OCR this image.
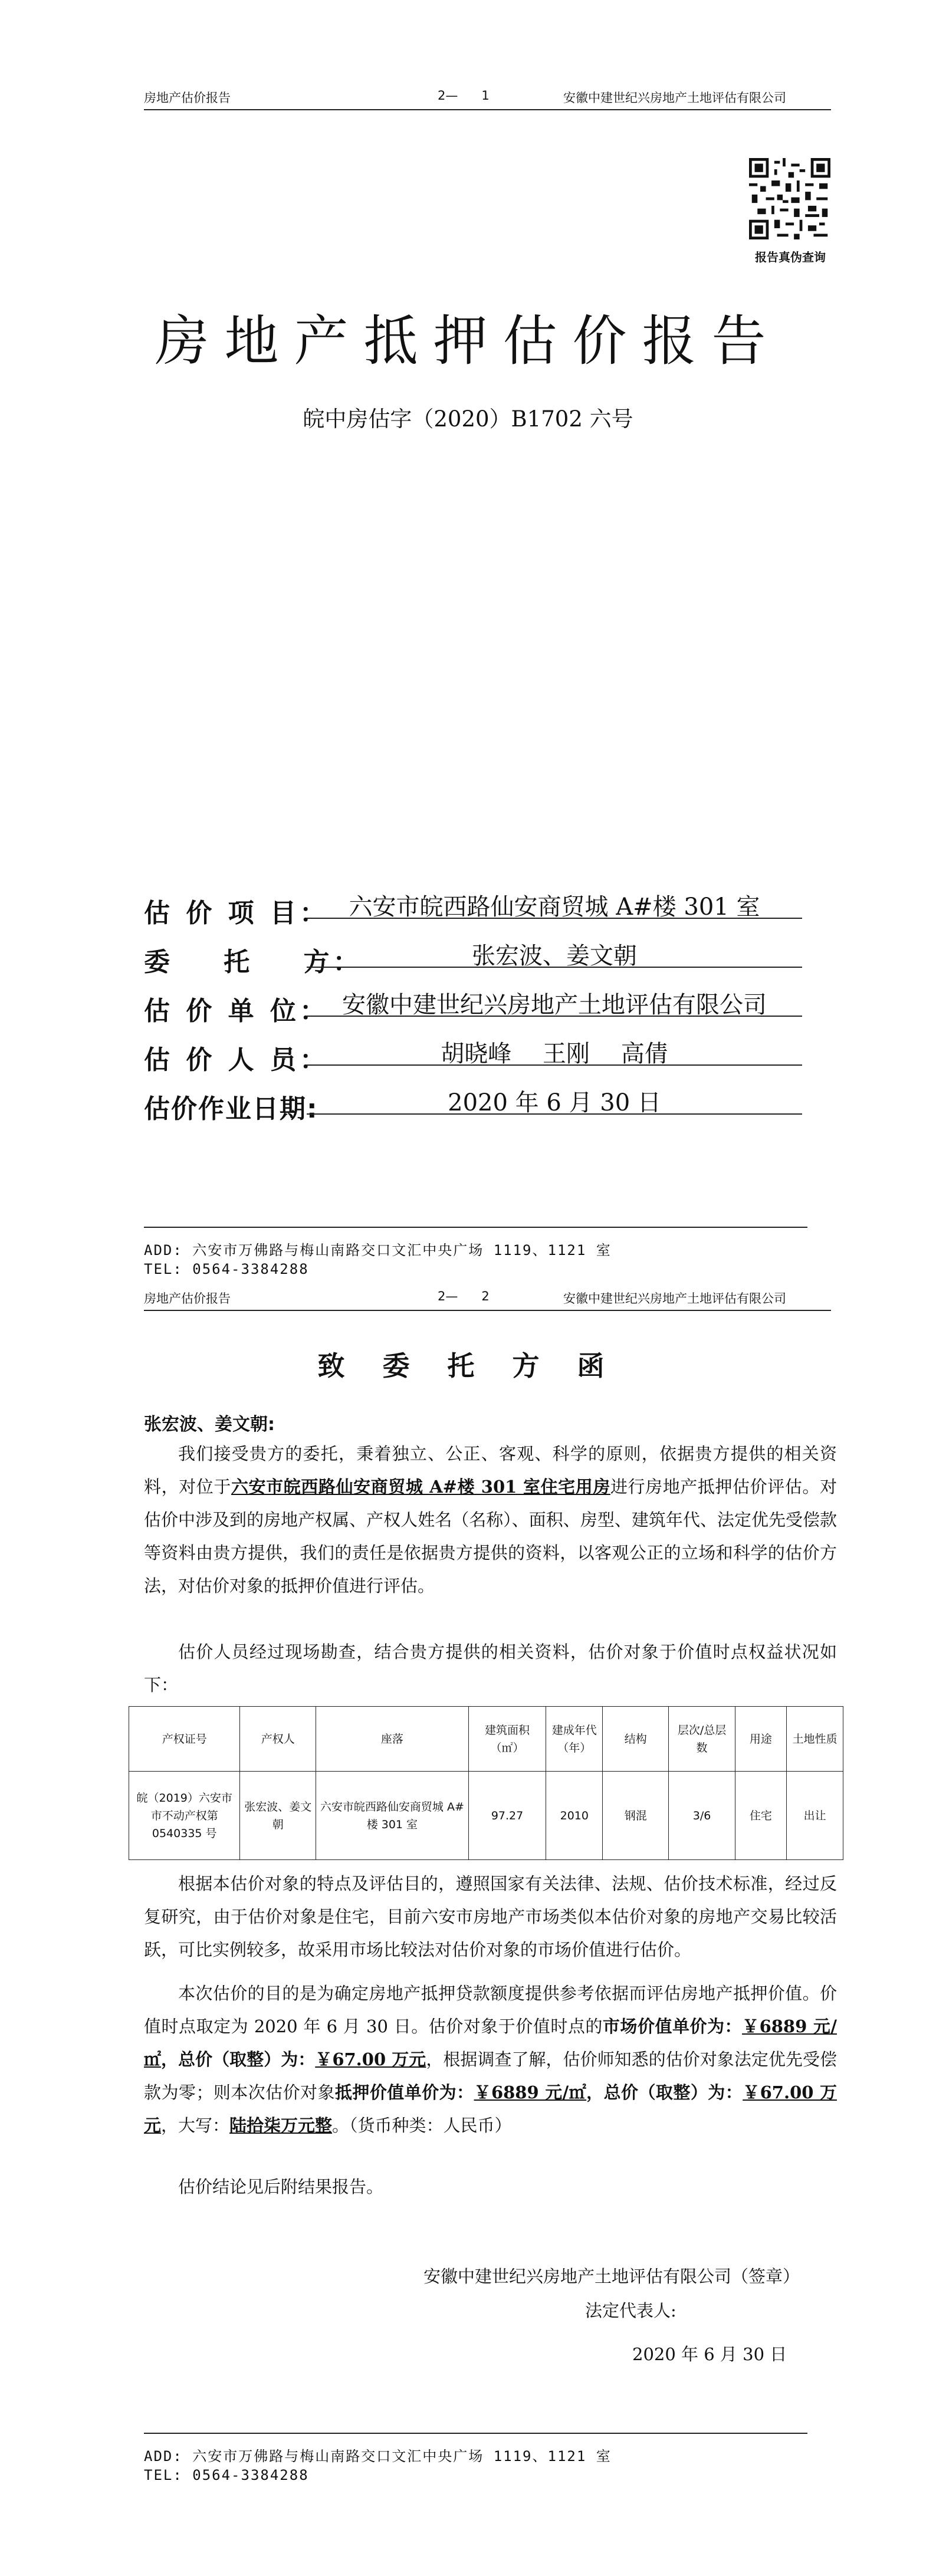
房地产估价报告	2—      1	安徽中建世纪兴房地产土地评估有限公司
报告真伪查询
房地产抵押估价报告
皖中房估字（2020）B1702 六号
估 价 项 目： 六安市皖西路仙安商贸城 A#楼 301 室
委    托    方：	张宏波、姜文朝
估 价 单 位： 安徽中建世纪兴房地产土地评估有限公司
估 价 人 员：	胡晓峰　 王刚　 高倩
估价作业日期:	2020 年 6 月 30 日
ADD: 六安市万佛路与梅山南路交口文汇中央广场 1119、1121 室
TEL: 0564-3384288
房地产估价报告	2—      2	安徽中建世纪兴房地产土地评估有限公司
致 委 托 方 函
张宏波、姜文朝:

我们接受贵方的委托，秉着独立、公正、客观、科学的原则，依据贵方提供的相关资料，对位于六安市皖西路仙安商贸城 A#楼 301 室住宅用房进行房地产抵押估价评估。对估价中涉及到的房地产权属、产权人姓名（名称）、面积、房型、建筑年代、法定优先受偿款等资料由贵方提供，我们的责任是依据贵方提供的资料，以客观公正的立场和科学的估价方法，对估价对象的抵押价值进行评估。

估价人员经过现场勘查，结合贵方提供的相关资料，估价对象于价值时点权益状况如下：

产权证号	产权人	座落	建筑面积（㎡）	建成年代（年）	结构	层次/总层数	用途	土地性质
皖（2019）六安市市不动产权第 0540335 号	张宏波、姜文朝	六安市皖西路仙安商贸城 A#楼 301 室	97.27	2010	钢混	3/6	住宅	出让

根据本估价对象的特点及评估目的，遵照国家有关法律、法规、估价技术标准，经过反复研究，由于估价对象是住宅，目前六安市房地产市场类似本估价对象的房地产交易比较活跃，可比实例较多，故采用市场比较法对估价对象的市场价值进行估价。

本次估价的目的是为确定房地产抵押贷款额度提供参考依据而评估房地产抵押价值。价值时点取定为 2020 年 6 月 30 日。估价对象于价值时点的市场价值单价为：￥6889 元/㎡，总价（取整）为：￥67.00 万元，根据调查了解，估价师知悉的估价对象法定优先受偿款为零；则本次估价对象抵押价值单价为：￥6889 元/㎡，总价（取整）为：￥67.00 万元，大写：陆拾柒万元整。（货币种类：人民币）

估价结论见后附结果报告。

安徽中建世纪兴房地产土地评估有限公司（签章）
法定代表人:
2020 年 6 月 30 日
ADD: 六安市万佛路与梅山南路交口文汇中央广场 1119、1121 室
TEL: 0564-3384288
